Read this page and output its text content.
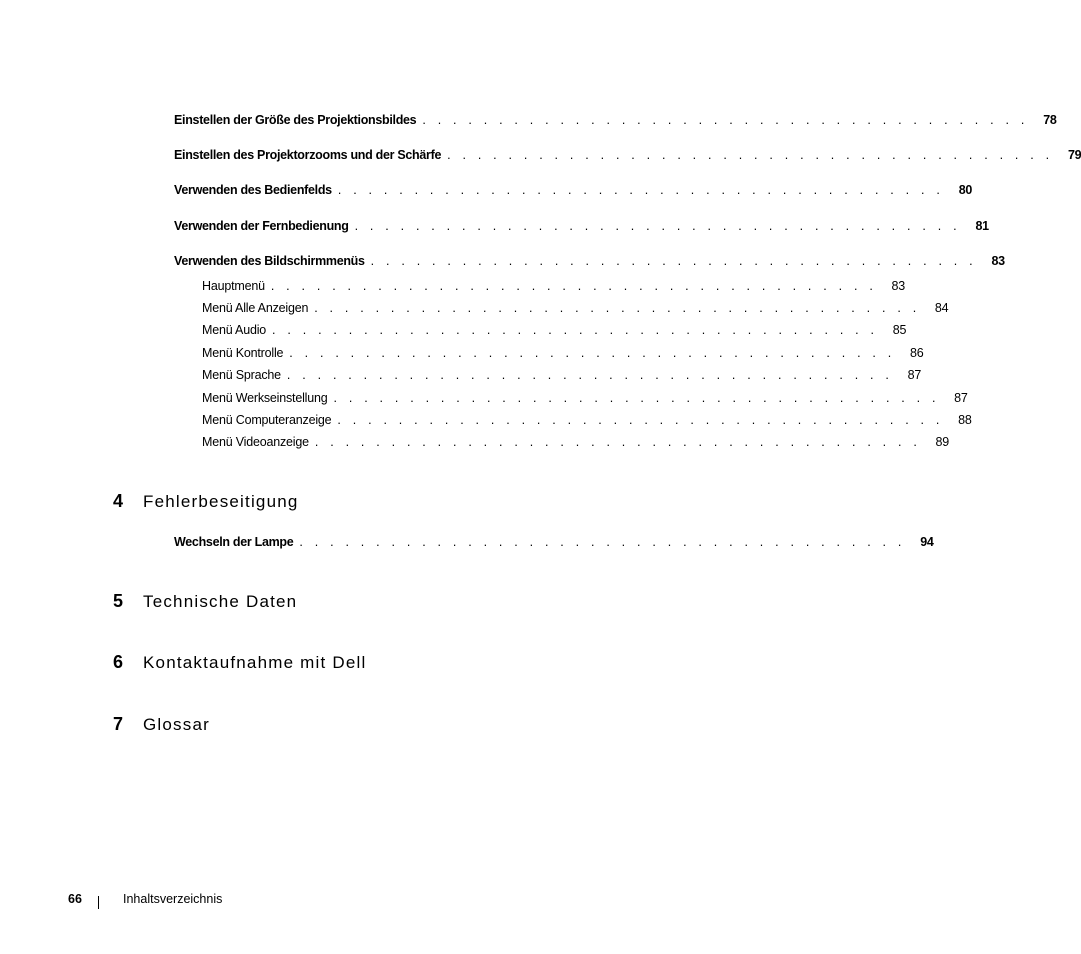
Einstellen der Größe des Projektionsbildes . . . . . . . . . . . . . . . . . . . . . . . . . . . . . . . . . . . . . . . .	78
Einstellen des Projektorzooms und der Schärfe . . . . . . . . . . . . . . . . . . . . . . . . . . . . . . . . . . . . . . . .	79
Verwenden des Bedienfelds . . . . . . . . . . . . . . . . . . . . . . . . . . . . . . . . . . . . . . . .	80
Verwenden der Fernbedienung . . . . . . . . . . . . . . . . . . . . . . . . . . . . . . . . . . . . . . . .	81
Verwenden des Bildschirmmenüs . . . . . . . . . . . . . . . . . . . . . . . . . . . . . . . . . . . . . . . .	83
Hauptmenü . . . . . . . . . . . . . . . . . . . . . . . . . . . . . . . . . . . . . . . .	83
Menü Alle Anzeigen . . . . . . . . . . . . . . . . . . . . . . . . . . . . . . . . . . . . . . . .	84
Menü Audio . . . . . . . . . . . . . . . . . . . . . . . . . . . . . . . . . . . . . . . .	85
Menü Kontrolle . . . . . . . . . . . . . . . . . . . . . . . . . . . . . . . . . . . . . . . .	86
Menü Sprache . . . . . . . . . . . . . . . . . . . . . . . . . . . . . . . . . . . . . . . .	87
Menü Werkseinstellung . . . . . . . . . . . . . . . . . . . . . . . . . . . . . . . . . . . . . . . .	87
Menü Computeranzeige . . . . . . . . . . . . . . . . . . . . . . . . . . . . . . . . . . . . . . . .	88
Menü Videoanzeige . . . . . . . . . . . . . . . . . . . . . . . . . . . . . . . . . . . . . . . .	89
4	Fehlerbeseitigung
Wechseln der Lampe . . . . . . . . . . . . . . . . . . . . . . . . . . . . . . . . . . . . . . . .	94
5	Technische Daten
6	Kontaktaufnahme mit Dell
7	Glossar
66	Inhaltsverzeichnis
